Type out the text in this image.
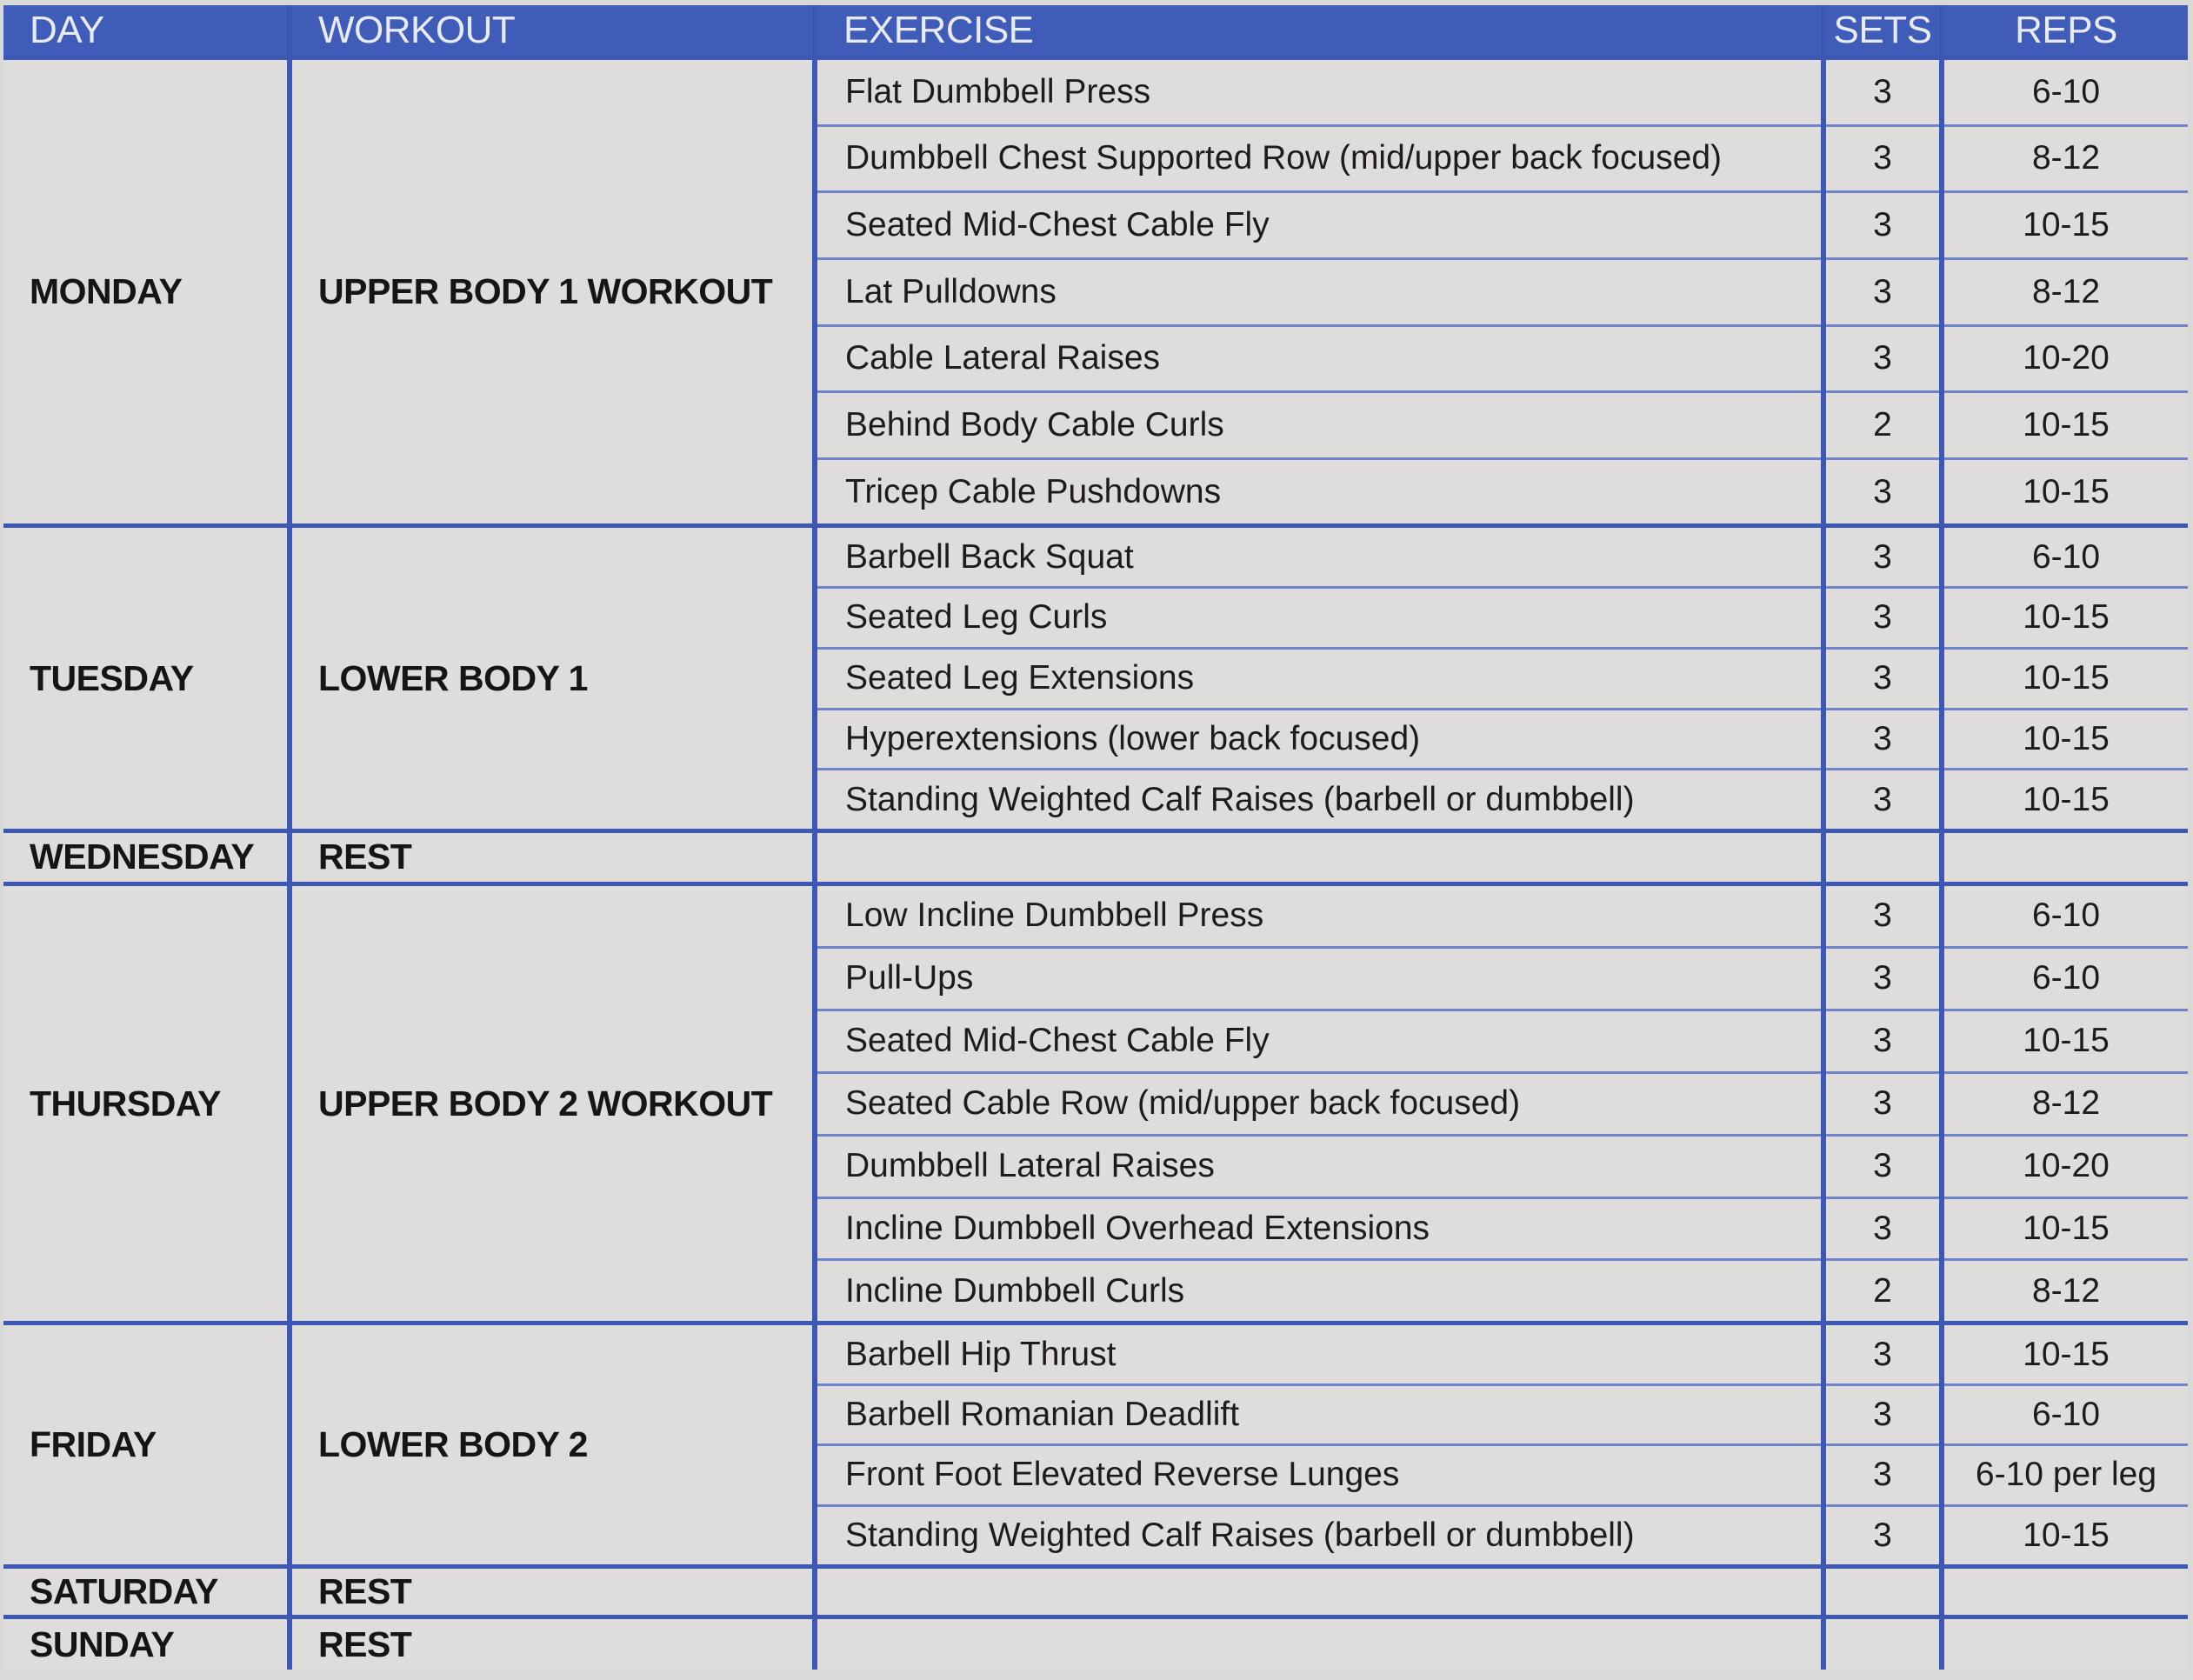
DAY	WORKOUT	EXERCISE	SETS	REPS
MONDAY	UPPER BODY 1 WORKOUT
Flat Dumbbell Press
Dumbbell Chest Supported Row (mid/upper back focused)
Seated Mid-Chest Cable Fly
Lat Pulldowns
Cable Lateral Raises
Behind Body Cable Curls
Tricep Cable Pushdowns
3
3
3
3
3
2
3
6-10
8-12
10-15
8-12
10-20
10-15
10-15
TUESDAY	LOWER BODY 1
Barbell Back Squat
Seated Leg Curls
Seated Leg Extensions
Hyperextensions (lower back focused)
Standing Weighted Calf Raises (barbell or dumbbell)
3
3
3
3
3
6-10
10-15
10-15
10-15
10-15
WEDNESDAY	REST
THURSDAY	UPPER BODY 2 WORKOUT
Low Incline Dumbbell Press
Pull-Ups
Seated Mid-Chest Cable Fly
Seated Cable Row (mid/upper back focused)
Dumbbell Lateral Raises
Incline Dumbbell Overhead Extensions
Incline Dumbbell Curls
3
3
3
3
3
3
2
6-10
6-10
10-15
8-12
10-20
10-15
8-12
FRIDAY	LOWER BODY 2
Barbell Hip Thrust
Barbell Romanian Deadlift
Front Foot Elevated Reverse Lunges
Standing Weighted Calf Raises (barbell or dumbbell)
3
3
3
3
10-15
6-10
6-10 per leg
10-15
SATURDAY	REST
SUNDAY	REST
